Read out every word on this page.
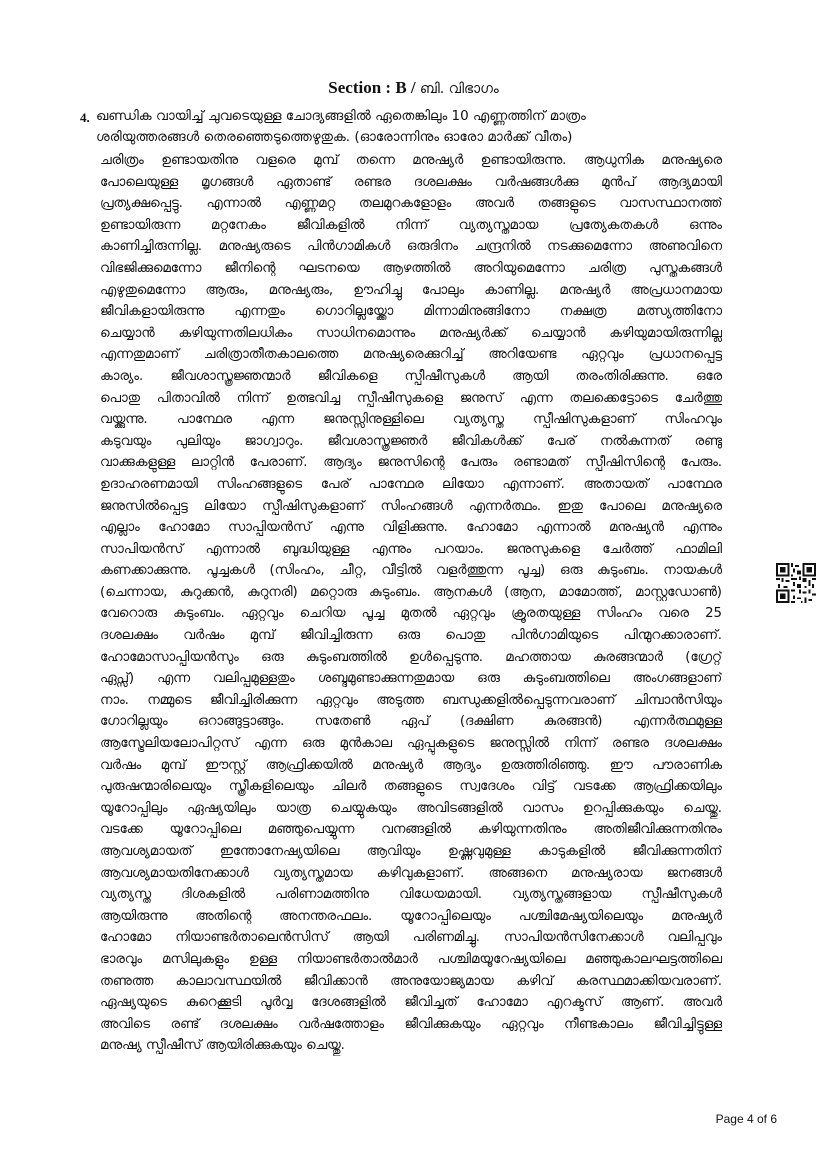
Section : B / ബി. വിഭാഗം
4. ഖണ്ഡിക വായിച്ച് ചുവടെയുള്ള ചോദ്യങ്ങളിൽ ഏതെങ്കിലും 10 എണ്ണത്തിന് മാത്രം
ശരിയുത്തരങ്ങൾ തെരഞ്ഞെടുത്തെഴുതുക. (ഓരോന്നിനും ഓരോ മാർക്ക് വീതം)
ചരിത്രം ഉണ്ടായതിനു വളരെ മുമ്പ് തന്നെ മനുഷ്യർ ഉണ്ടായിരുന്നു. ആധുനിക മനുഷ്യരെ
പോലെയുള്ള മൃഗങ്ങൾ ഏതാണ്ട് രണ്ടര ദശലക്ഷം വർഷങ്ങൾക്കു മുൻപ് ആദ്യമായി
പ്രത്യക്ഷപ്പെട്ടു. എന്നാൽ എണ്ണമറ്റ തലമുറകളോളം അവർ തങ്ങളുടെ വാസസ്ഥാനത്ത്
ഉണ്ടായിരുന്ന മറ്റനേകം ജീവികളിൽ നിന്ന് വ്യത്യസ്തമായ പ്രത്യേകതകൾ ഒന്നും
കാണിച്ചിരുന്നില്ല. മനുഷ്യരുടെ പിൻഗാമികൾ ഒരുദിനം ചന്ദ്രനിൽ നടക്കുമെന്നോ അണുവിനെ
വിഭജിക്കുമെന്നോ ജീനിന്റെ ഘടനയെ ആഴത്തിൽ അറിയുമെന്നോ ചരിത്ര പുസ്തകങ്ങൾ
എഴുതുമെന്നോ ആരും, മനുഷ്യരും, ഊഹിച്ചു പോലും കാണില്ല. മനുഷ്യർ അപ്രധാനമായ
ജീവികളായിരുന്നു എന്നതും ഗൊറില്ലയ്ക്കോ മിന്നാമിനുങ്ങിനോ നക്ഷത്ര മത്സ്യത്തിനോ
ചെയ്യാൻ കഴിയുന്നതിലധികം സാധിനമൊന്നും മനുഷ്യർക്ക് ചെയ്യാൻ കഴിയുമായിരുന്നില്ല
എന്നതുമാണ് ചരിത്രാതീതകാലത്തെ മനുഷ്യരെക്കുറിച്ച് അറിയേണ്ട ഏറ്റവും പ്രധാനപ്പെട്ട
കാര്യം. ജീവശാസ്ത്രജ്ഞന്മാർ ജീവികളെ സ്പീഷീസുകൾ ആയി തരംതിരിക്കുന്നു. ഒരേ
പൊതു പിതാവിൽ നിന്ന് ഉത്ഭവിച്ച സ്പീഷീസുകളെ ജനുസ് എന്ന തലക്കെട്ടോടെ ചേർത്തു
വയ്ക്കുന്നു. പാന്ഥേര എന്ന ജനുസ്സിനുള്ളിലെ വ്യത്യസ്ത സ്പീഷിസുകളാണ് സിംഹവും
കടുവയും പുലിയും ജാഗ്വാറും. ജീവശാസ്ത്രജ്ഞർ ജീവികൾക്ക് പേര് നൽകുന്നത് രണ്ടു
വാക്കുകളുള്ള ലാറ്റിൻ പേരാണ്. ആദ്യം ജനുസിന്റെ പേരും രണ്ടാമത് സ്പീഷിസിന്റെ പേരും.
ഉദാഹരണമായി സിംഹങ്ങളുടെ പേര് പാന്ഥേര ലിയോ എന്നാണ്. അതായത് പാന്ഥേര
ജനുസിൽപ്പെട്ട ലിയോ സ്പീഷിസുകളാണ് സിംഹങ്ങൾ എന്നർത്ഥം. ഇതു പോലെ മനുഷ്യരെ
എല്ലാം ഹോമോ സാപ്പിയൻസ് എന്നു വിളിക്കുന്നു. ഹോമോ എന്നാൽ മനുഷ്യൻ എന്നും
സാപിയൻസ് എന്നാൽ ബുദ്ധിയുള്ള എന്നും പറയാം. ജനുസുകളെ ചേർത്ത് ഫാമിലി
കണക്കാക്കുന്നു. പൂച്ചകൾ (സിംഹം, ചീറ്റ, വീട്ടിൽ വളർത്തുന്ന പൂച്ച) ഒരു കുടുംബം. നായകൾ
(ചെന്നായ, കുറുക്കൻ, കുറുനരി) മറ്റൊരു കുടുംബം. ആനകൾ (ആന, മാമോത്ത്, മാസ്റ്റഡോൺ)
വേറൊരു കുടുംബം. ഏറ്റവും ചെറിയ പൂച്ച മുതൽ ഏറ്റവും ക്രൂരതയുള്ള സിംഹം വരെ 25
ദശലക്ഷം വർഷം മുമ്പ് ജീവിച്ചിരുന്ന ഒരു പൊതു പിൻഗാമിയുടെ പിന്മുറക്കാരാണ്.
ഹോമോസാപ്പിയൻസും ഒരു കുടുംബത്തിൽ ഉൾപ്പെടുന്നു. മഹത്തായ കുരങ്ങന്മാർ (ഗ്രേറ്റ്
ഏപ്സ്) എന്ന വലിപ്പമുള്ളതും ശബ്ദമുണ്ടാക്കുന്നതുമായ ഒരു കുടുംബത്തിലെ അംഗങ്ങളാണ്
നാം. നമ്മുടെ ജീവിച്ചിരിക്കുന്ന ഏറ്റവും അടുത്ത ബന്ധുക്കളിൽപ്പെടുന്നവരാണ് ചിമ്പാൻസിയും
ഗോറില്ലയും ഒറാങ്ങുട്ടാങ്ങും. സതേൺ ഏപ് (ദക്ഷിണ കുരങ്ങൻ) എന്നർത്ഥമുള്ള
ആസ്ട്രേലിയലോപിറ്റസ് എന്ന ഒരു മുൻകാല ഏപ്പുകളുടെ ജനുസ്സിൽ നിന്ന് രണ്ടര ദശലക്ഷം
വർഷം മുമ്പ് ഈസ്റ്റ് ആഫ്രിക്കയിൽ മനുഷ്യർ ആദ്യം ഉരുത്തിരിഞ്ഞു. ഈ പൗരാണിക
പുരുഷന്മാരിലെയും സ്ത്രീകളിലെയും ചിലർ തങ്ങളുടെ സ്വദേശം വിട്ട് വടക്കേ ആഫ്രിക്കയിലും
യൂറോപ്പിലും ഏഷ്യയിലും യാത്ര ചെയ്യുകയും അവിടങ്ങളിൽ വാസം ഉറപ്പിക്കുകയും ചെയ്തു.
വടക്കേ യൂറോപ്പിലെ മഞ്ഞുപെയ്യുന്ന വനങ്ങളിൽ കഴിയുന്നതിനും അതിജീവിക്കുന്നതിനും
ആവശ്യമായത് ഇന്തോനേഷ്യയിലെ ആവിയും ഉഷ്ണവുമുള്ള കാടുകളിൽ ജീവിക്കുന്നതിന്
ആവശ്യമായതിനേക്കാൾ വ്യത്യസ്തമായ കഴിവുകളാണ്. അങ്ങനെ മനുഷ്യരായ ജനങ്ങൾ
വ്യത്യസ്ത ദിശകളിൽ പരിണാമത്തിനു വിധേയമായി. വ്യത്യസ്തങ്ങളായ സ്പീഷീസുകൾ
ആയിരുന്നു അതിന്റെ അനന്തരഫലം. യൂറോപ്പിലെയും പശ്ചിമേഷ്യയിലെയും മനുഷ്യർ
ഹോമോ നിയാണ്ടർതാലെൻസിസ് ആയി പരിണമിച്ചു. സാപിയൻസിനേക്കാൾ വലിപ്പവും
ഭാരവും മസിലുകളും ഉള്ള നിയാണ്ടർതാൽമാർ പശ്ചിമയൂറേഷ്യയിലെ മഞ്ഞുകാലഘട്ടത്തിലെ
തണുത്ത കാലാവസ്ഥയിൽ ജീവിക്കാൻ അനുയോജ്യമായ കഴിവ് കരസ്ഥമാക്കിയവരാണ്.
ഏഷ്യയുടെ കുറെക്കൂടി പൂർവ്വ ദേശങ്ങളിൽ ജീവിച്ചത് ഹോമോ എറക്ടസ് ആണ്. അവർ
അവിടെ രണ്ട് ദശലക്ഷം വർഷത്തോളം ജീവിക്കുകയും ഏറ്റവും നീണ്ടകാലം ജീവിച്ചിട്ടുള്ള
മനുഷ്യ സ്പീഷീസ് ആയിരിക്കുകയും ചെയ്തു.
Page 4 of 6
